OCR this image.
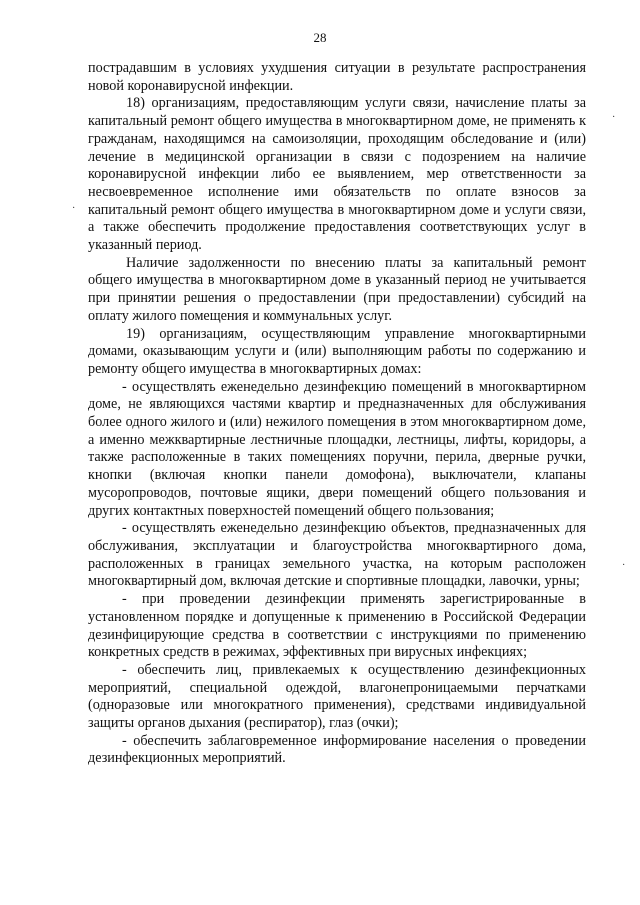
28

пострадавшим в условиях ухудшения ситуации в результате распространения новой коронавирусной инфекции.

18) организациям, предоставляющим услуги связи, начисление платы за капитальный ремонт общего имущества в многоквартирном доме, не применять к гражданам, находящимся на самоизоляции, проходящим обследование и (или) лечение в медицинской организации в связи с подозрением на наличие коронавирусной инфекции либо ее выявлением, мер ответственности за несвоевременное исполнение ими обязательств по оплате взносов за капитальный ремонт общего имущества в многоквартирном доме и услуги связи, а также обеспечить продолжение предоставления соответствующих услуг в указанный период.

Наличие задолженности по внесению платы за капитальный ремонт общего имущества в многоквартирном доме в указанный период не учитывается при принятии решения о предоставлении (при предоставлении) субсидий на оплату жилого помещения и коммунальных услуг.

19) организациям, осуществляющим управление многоквартирными домами, оказывающим услуги и (или) выполняющим работы по содержанию и ремонту общего имущества в многоквартирных домах:

- осуществлять еженедельно дезинфекцию помещений в многоквартирном доме, не являющихся частями квартир и предназначенных для обслуживания более одного жилого и (или) нежилого помещения в этом многоквартирном доме, а именно межквартирные лестничные площадки, лестницы, лифты, коридоры, а также расположенные в таких помещениях поручни, перила, дверные ручки, кнопки (включая кнопки панели домофона), выключатели, клапаны мусоропроводов, почтовые ящики, двери помещений общего пользования и других контактных поверхностей помещений общего пользования;

- осуществлять еженедельно дезинфекцию объектов, предназначенных для обслуживания, эксплуатации и благоустройства многоквартирного дома, расположенных в границах земельного участка, на которым расположен многоквартирный дом, включая детские и спортивные площадки, лавочки, урны;

- при проведении дезинфекции применять зарегистрированные в установленном порядке и допущенные к применению в Российской Федерации дезинфицирующие средства в соответствии с инструкциями по применению конкретных средств в режимах, эффективных при вирусных инфекциях;

- обеспечить лиц, привлекаемых к осуществлению дезинфекционных мероприятий, специальной одеждой, влагонепроницаемыми перчатками (одноразовые или многократного применения), средствами индивидуальной защиты органов дыхания (респиратор), глаз (очки);

- обеспечить заблаговременное информирование населения о проведении дезинфекционных мероприятий.

·
·
·
